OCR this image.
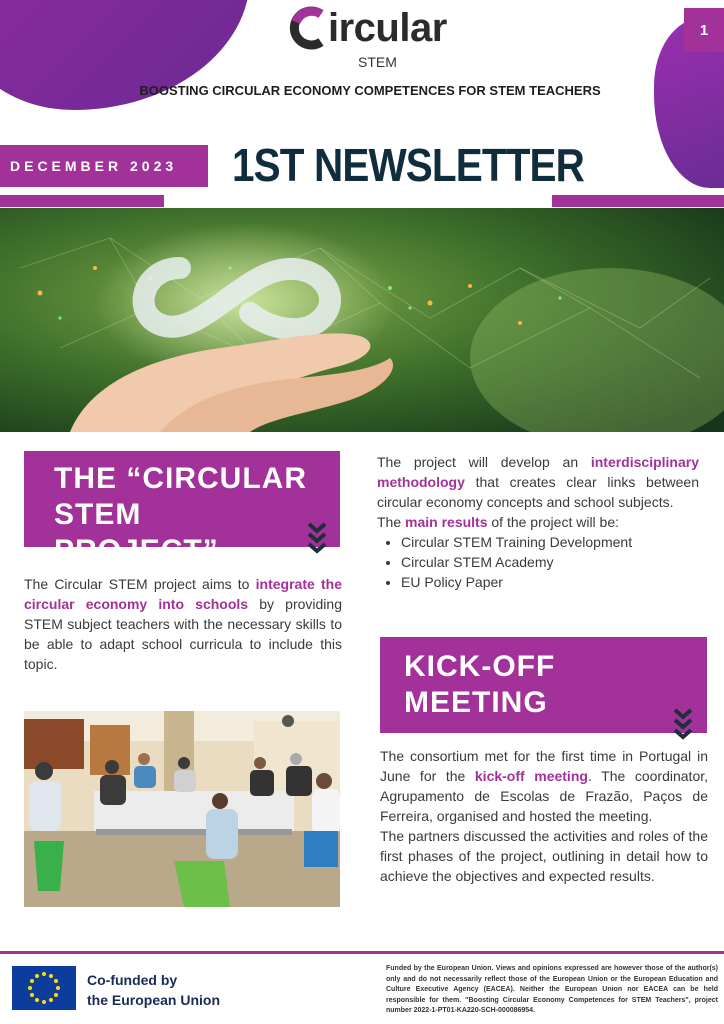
1
ircular
STEM
BOOSTING CIRCULAR ECONOMY COMPETENCES FOR STEM TEACHERS
DECEMBER 2023	1ST NEWSLETTER
THE “CIRCULAR
STEM PROJECT”
The Circular STEM project aims to integrate the circular economy into schools by providing STEM subject teachers with the necessary skills to be able to adapt school curricula to include this topic.
The project will develop an interdisciplinary methodology that creates clear links between circular economy concepts and school subjects.
The main results of the project will be:
• Circular STEM Training Development
• Circular STEM Academy
• EU Policy Paper
KICK-OFF
MEETING
The consortium met for the first time in Portugal in June for the kick-off meeting. The coordinator, Agrupamento de Escolas de Frazão, Paços de Ferreira, organised and hosted the meeting.
The partners discussed the activities and roles of the first phases of the project, outlining in detail how to achieve the objectives and expected results.
Co-funded by
the European Union
Funded by the European Union. Views and opinions expressed are however those of the author(s) only and do not necessarily reflect those of the European Union or the European Education and Culture Executive Agency (EACEA). Neither the European Union nor EACEA can be held responsible for them. "Boosting Circular Economy Competences for STEM Teachers", project number 2022-1-PT01-KA220-SCH-000086954.
